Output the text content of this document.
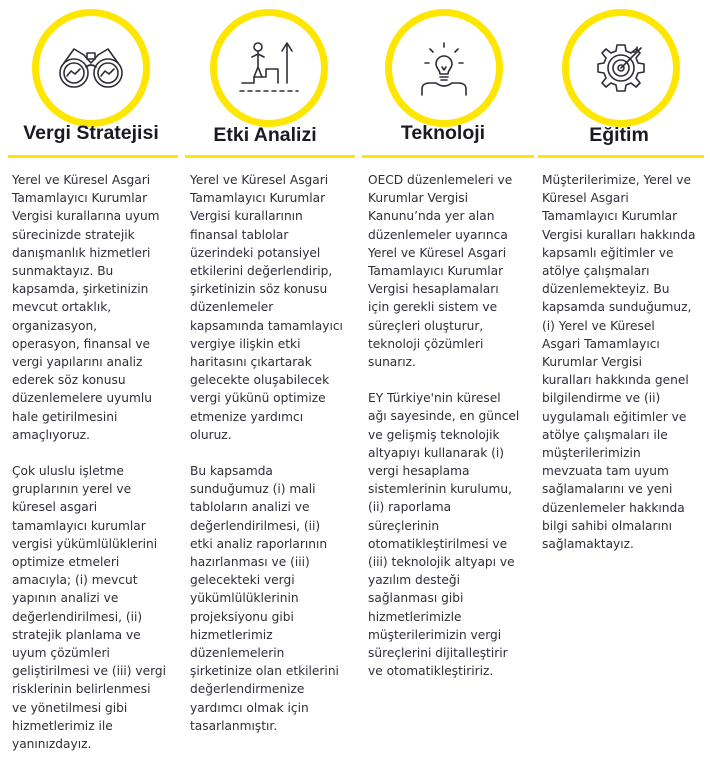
Vergi Stratejisi

Yerel ve Küresel Asgari
Tamamlayıcı Kurumlar
Vergisi kurallarına uyum
sürecinizde stratejik
danışmanlık hizmetleri
sunmaktayız. Bu
kapsamda, şirketinizin
mevcut ortaklık,
organizasyon,
operasyon, finansal ve
vergi yapılarını analiz
ederek söz konusu
düzenlemelere uyumlu
hale getirilmesini
amaçlıyoruz.

Çok uluslu işletme
gruplarının yerel ve
küresel asgari
tamamlayıcı kurumlar
vergisi yükümlülüklerini
optimize etmeleri
amacıyla; (i) mevcut
yapının analizi ve
değerlendirilmesi, (ii)
stratejik planlama ve
uyum çözümleri
geliştirilmesi ve (iii) vergi
risklerinin belirlenmesi
ve yönetilmesi gibi
hizmetlerimiz ile
yanınızdayız.

Etki Analizi

Yerel ve Küresel Asgari
Tamamlayıcı Kurumlar
Vergisi kurallarının
finansal tablolar
üzerindeki potansiyel
etkilerini değerlendirip,
şirketinizin söz konusu
düzenlemeler
kapsamında tamamlayıcı
vergiye ilişkin etki
haritasını çıkartarak
gelecekte oluşabilecek
vergi yükünü optimize
etmenize yardımcı
oluruz.

Bu kapsamda
sunduğumuz (i) mali
tabloların analizi ve
değerlendirilmesi, (ii)
etki analiz raporlarının
hazırlanması ve (iii)
gelecekteki vergi
yükümlülüklerinin
projeksiyonu gibi
hizmetlerimiz
düzenlemelerin
şirketinize olan etkilerini
değerlendirmenize
yardımcı olmak için
tasarlanmıştır.

Teknoloji

OECD düzenlemeleri ve
Kurumlar Vergisi
Kanunu’nda yer alan
düzenlemeler uyarınca
Yerel ve Küresel Asgari
Tamamlayıcı Kurumlar
Vergisi hesaplamaları
için gerekli sistem ve
süreçleri oluşturur,
teknoloji çözümleri
sunarız.

EY Türkiye'nin küresel
ağı sayesinde, en güncel
ve gelişmiş teknolojik
altyapıyı kullanarak (i)
vergi hesaplama
sistemlerinin kurulumu,
(ii) raporlama
süreçlerinin
otomatikleştirilmesi ve
(iii) teknolojik altyapı ve
yazılım desteği
sağlanması gibi
hizmetlerimizle
müşterilerimizin vergi
süreçlerini dijitalleştirir
ve otomatikleştiririz.

Eğitim

Müşterilerimize, Yerel ve
Küresel Asgari
Tamamlayıcı Kurumlar
Vergisi kuralları hakkında
kapsamlı eğitimler ve
atölye çalışmaları
düzenlemekteyiz. Bu
kapsamda sunduğumuz,
(i) Yerel ve Küresel
Asgari Tamamlayıcı
Kurumlar Vergisi
kuralları hakkında genel
bilgilendirme ve (ii)
uygulamalı eğitimler ve
atölye çalışmaları ile
müşterilerimizin
mevzuata tam uyum
sağlamalarını ve yeni
düzenlemeler hakkında
bilgi sahibi olmalarını
sağlamaktayız.
